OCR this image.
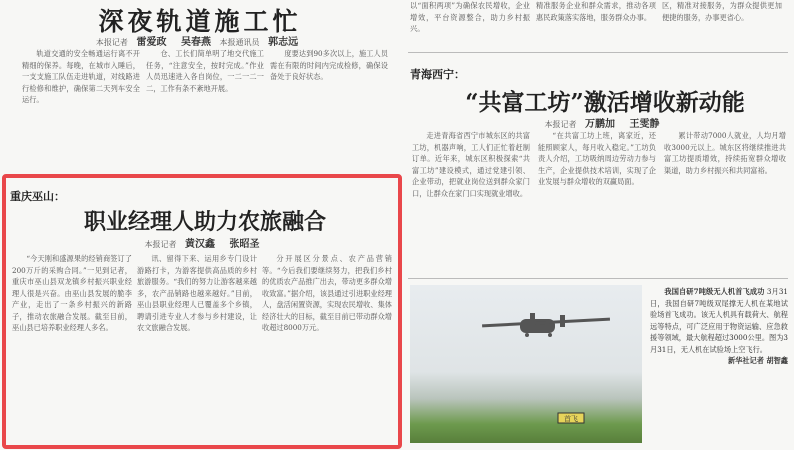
深夜轨道施工忙
本报记者 雷爱政 吴春燕 本报通讯员 郭志远
轨道交通的安全畅通运行离不开精细的保养。每晚，在城市入睡后，一支支施工队伍走进轨道，对线路进行检修和维护，确保第二天列车安全运行。
仓、工长们简单明了地交代施工任务，“注意安全，按时完成。”作业人员迅速进入各自岗位，一二一二一二，工作有条不紊地开展。
度要达到90多次以上，施工人员需在有限的时间内完成检修，确保设备处于良好状态。
以“面积两项”为确保农民增收，企业增效，平台资源整合，助力乡村振兴。
精准服务企业和群众需求，推动各项惠民政策落实落地，服务群众办事。
区，精准对接服务，为群众提供更加便捷的服务，办事更省心。
青海西宁：
“共富工坊”激活增收新动能
本报记者 万鹏加 王雯静
走进青海省西宁市城东区的共富工坊，机器声响，工人们正忙着赶制订单。近年来，城东区积极探索“共富工坊”建设模式，通过党建引领、企业带动，把就业岗位送到群众家门口，让群众在家门口实现就业增收。
“在共富工坊上班，离家近，还能照顾家人，每月收入稳定。”工坊负责人介绍，工坊吸纳周边劳动力参与生产，企业提供技术培训，实现了企业发展与群众增收的双赢局面。
累计带动7000人就业，人均月增收3000元以上。城东区将继续推进共富工坊提质增效，持续拓宽群众增收渠道，助力乡村振兴和共同富裕。
首飞
我国自研7吨级无人机首飞成功 3月31日，我国自研7吨级双尾撑无人机在某地试验场首飞成功。该无人机具有载荷大、航程远等特点，可广泛应用于物资运输、应急救援等领域，最大航程超过3000公里。图为3月31日，无人机在试验场上空飞行。
新华社记者 胡智鑫
重庆巫山：
职业经理人助力农旅融合
本报记者 黄汉鑫 张昭圣
“今天刚和盛源果的经销商签订了200万斤的采购合同。”一见到记者，重庆市巫山县双龙镇乡村振兴职业经理人很是兴奋。由巫山县发展的脆李产业，走出了一条乡村振兴的新路子，推动农旅融合发展。截至目前，巫山县已培养职业经理人多名。
讯、留得下来、运用乡专门设计游路打卡，为游客提供高品质的乡村旅游服务。“我们的努力让游客越来越多，农产品销路也越来越好。”目前，巫山县职业经理人已覆盖多个乡镇，聘请引进专业人才参与乡村建设，让农文旅融合发展。
分开展区分景点、农产品营销等。“今后我们要继续努力，把我们乡村的优质农产品推广出去，带动更多群众增收致富。”据介绍，该县通过引进职业经理人，盘活闲置资源，实现农民增收、集体经济壮大的目标，截至目前已带动群众增收超过8000万元。
